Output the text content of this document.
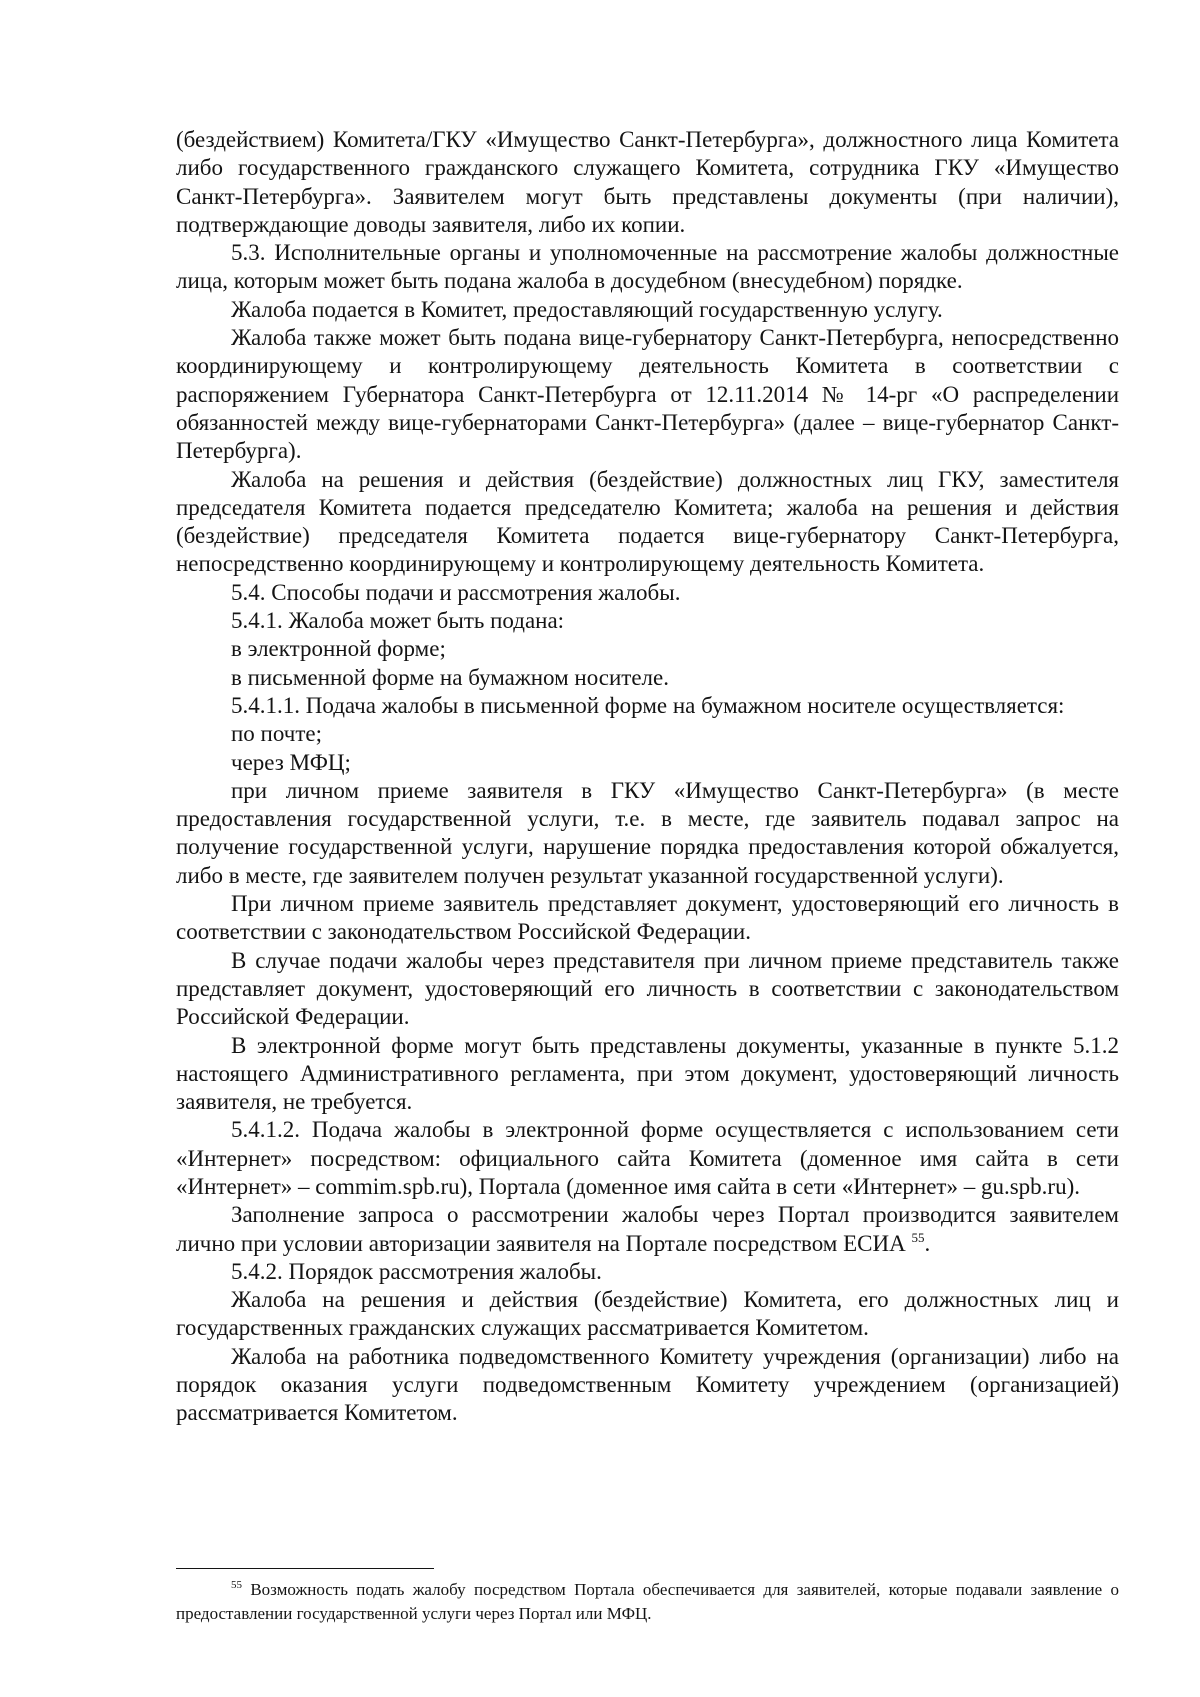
(бездействием) Комитета/ГКУ «Имущество Санкт-Петербурга», должностного лица Комитета либо государственного гражданского служащего Комитета, сотрудника ГКУ «Имущество Санкт-Петербурга». Заявителем могут быть представлены документы (при наличии), подтверждающие доводы заявителя, либо их копии.

5.3. Исполнительные органы и уполномоченные на рассмотрение жалобы должностные лица, которым может быть подана жалоба в досудебном (внесудебном) порядке.

Жалоба подается в Комитет, предоставляющий государственную услугу.

Жалоба также может быть подана вице-губернатору Санкт-Петербурга, непосредственно координирующему и контролирующему деятельность Комитета в соответствии с распоряжением Губернатора Санкт-Петербурга от 12.11.2014 № 14-рг «О распределении обязанностей между вице-губернаторами Санкт-Петербурга» (далее – вице-губернатор Санкт-Петербурга).

Жалоба на решения и действия (бездействие) должностных лиц ГКУ, заместителя председателя Комитета подается председателю Комитета; жалоба на решения и действия (бездействие) председателя Комитета подается вице-губернатору Санкт-Петербурга, непосредственно координирующему и контролирующему деятельность Комитета.

5.4. Способы подачи и рассмотрения жалобы.

5.4.1. Жалоба может быть подана:

в электронной форме;

в письменной форме на бумажном носителе.

5.4.1.1. Подача жалобы в письменной форме на бумажном носителе осуществляется:

по почте;

через МФЦ;

при личном приеме заявителя в ГКУ «Имущество Санкт-Петербурга» (в месте предоставления государственной услуги, т.е. в месте, где заявитель подавал запрос на получение государственной услуги, нарушение порядка предоставления которой обжалуется, либо в месте, где заявителем получен результат указанной государственной услуги).

При личном приеме заявитель представляет документ, удостоверяющий его личность в соответствии с законодательством Российской Федерации.

В случае подачи жалобы через представителя при личном приеме представитель также представляет документ, удостоверяющий его личность в соответствии с законодательством Российской Федерации.

В электронной форме могут быть представлены документы, указанные в пункте 5.1.2 настоящего Административного регламента, при этом документ, удостоверяющий личность заявителя, не требуется.

5.4.1.2. Подача жалобы в электронной форме осуществляется с использованием сети «Интернет» посредством: официального сайта Комитета (доменное имя сайта в сети «Интернет» – commim.spb.ru), Портала (доменное имя сайта в сети «Интернет» – gu.spb.ru).

Заполнение запроса о рассмотрении жалобы через Портал производится заявителем лично при условии авторизации заявителя на Портале посредством ЕСИА $^{55}$.

5.4.2. Порядок рассмотрения жалобы.

Жалоба на решения и действия (бездействие) Комитета, его должностных лиц и государственных гражданских служащих рассматривается Комитетом.

Жалоба на работника подведомственного Комитету учреждения (организации) либо на порядок оказания услуги подведомственным Комитету учреждением (организацией) рассматривается Комитетом.

$^{55}$ Возможность подать жалобу посредством Портала обеспечивается для заявителей, которые подавали заявление о предоставлении государственной услуги через Портал или МФЦ.
